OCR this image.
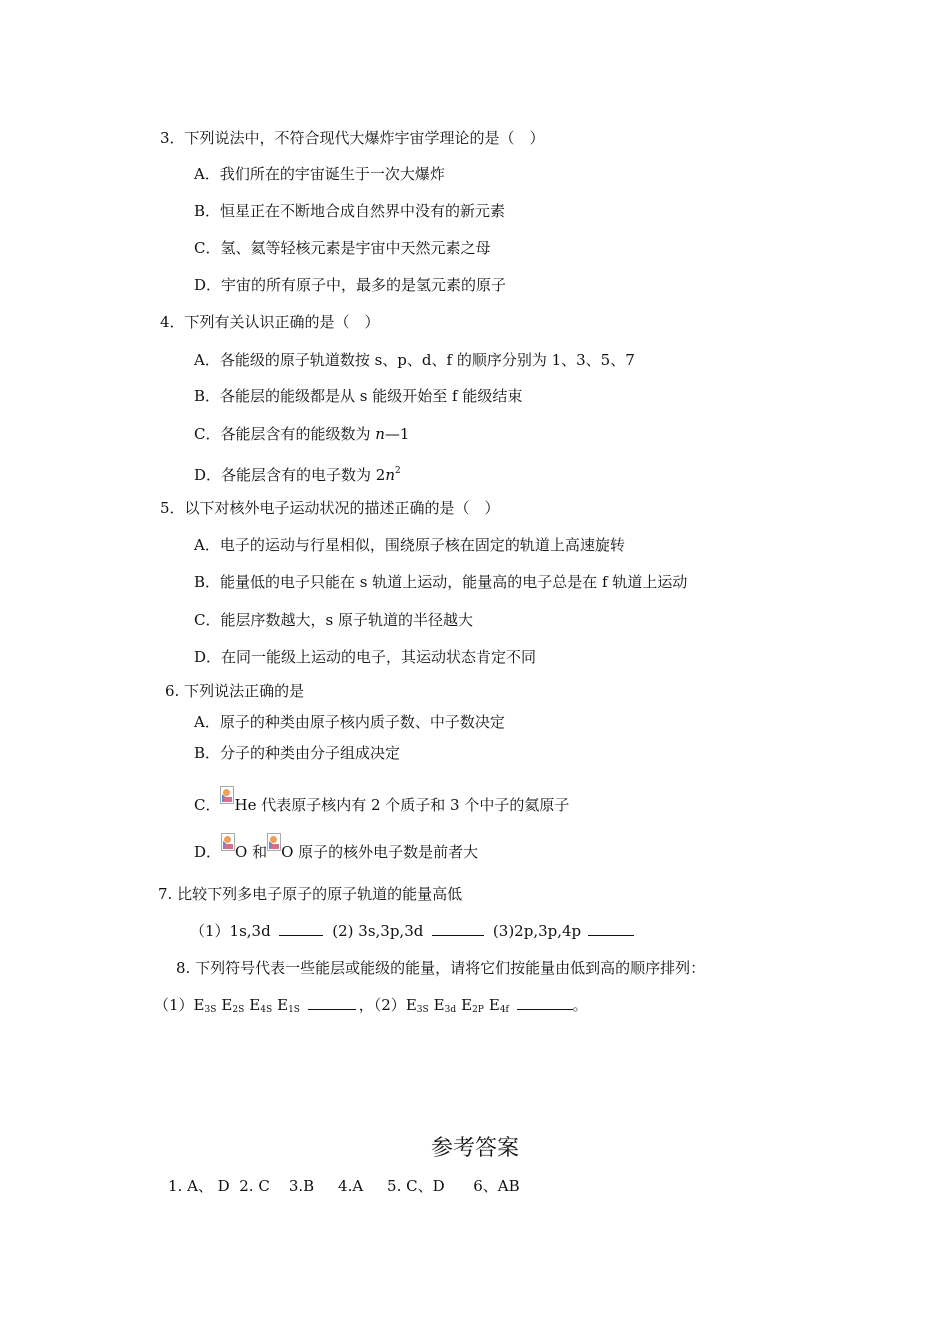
3．下列说法中，不符合现代大爆炸宇宙学理论的是（　）
A．我们所在的宇宙诞生于一次大爆炸
B．恒星正在不断地合成自然界中没有的新元素
C．氢、氦等轻核元素是宇宙中天然元素之母
D．宇宙的所有原子中，最多的是氢元素的原子
4．下列有关认识正确的是（　）
A．各能级的原子轨道数按 s、p、d、f 的顺序分别为 1、3、5、7
B．各能层的能级都是从 s 能级开始至 f 能级结束
C．各能层含有的能级数为 n—1
D．各能层含有的电子数为 $2n^2$
5．以下对核外电子运动状况的描述正确的是（　）
A．电子的运动与行星相似，围绕原子核在固定的轨道上高速旋转
B．能量低的电子只能在 s 轨道上运动，能量高的电子总是在 f 轨道上运动
C．能层序数越大，s 原子轨道的半径越大
D．在同一能级上运动的电子，其运动状态肯定不同
6. 下列说法正确的是
A．原子的种类由原子核内质子数、中子数决定
B．分子的种类由分子组成决定
C． He 代表原子核内有 2 个质子和 3 个中子的氦原子
D． O 和 O 原子的核外电子数是前者大
7. 比较下列多电子原子的原子轨道的能量高低
（1）1s,3d	(2) 3s,3p,3d	(3)2p,3p,4p
8. 下列符号代表一些能层或能级的能量，请将它们按能量由低到高的顺序排列：
$(1)E_{3S}$ $E_{2S}$ $E_{4S}$ $E_{1S}$	，$(2)E_{3S}$ $E_{3d}$ $E_{2P}$ $E_{4f}$	。
参考答案
1. A、 D  2. C    3.B     4.A     5. C、D      6、AB
